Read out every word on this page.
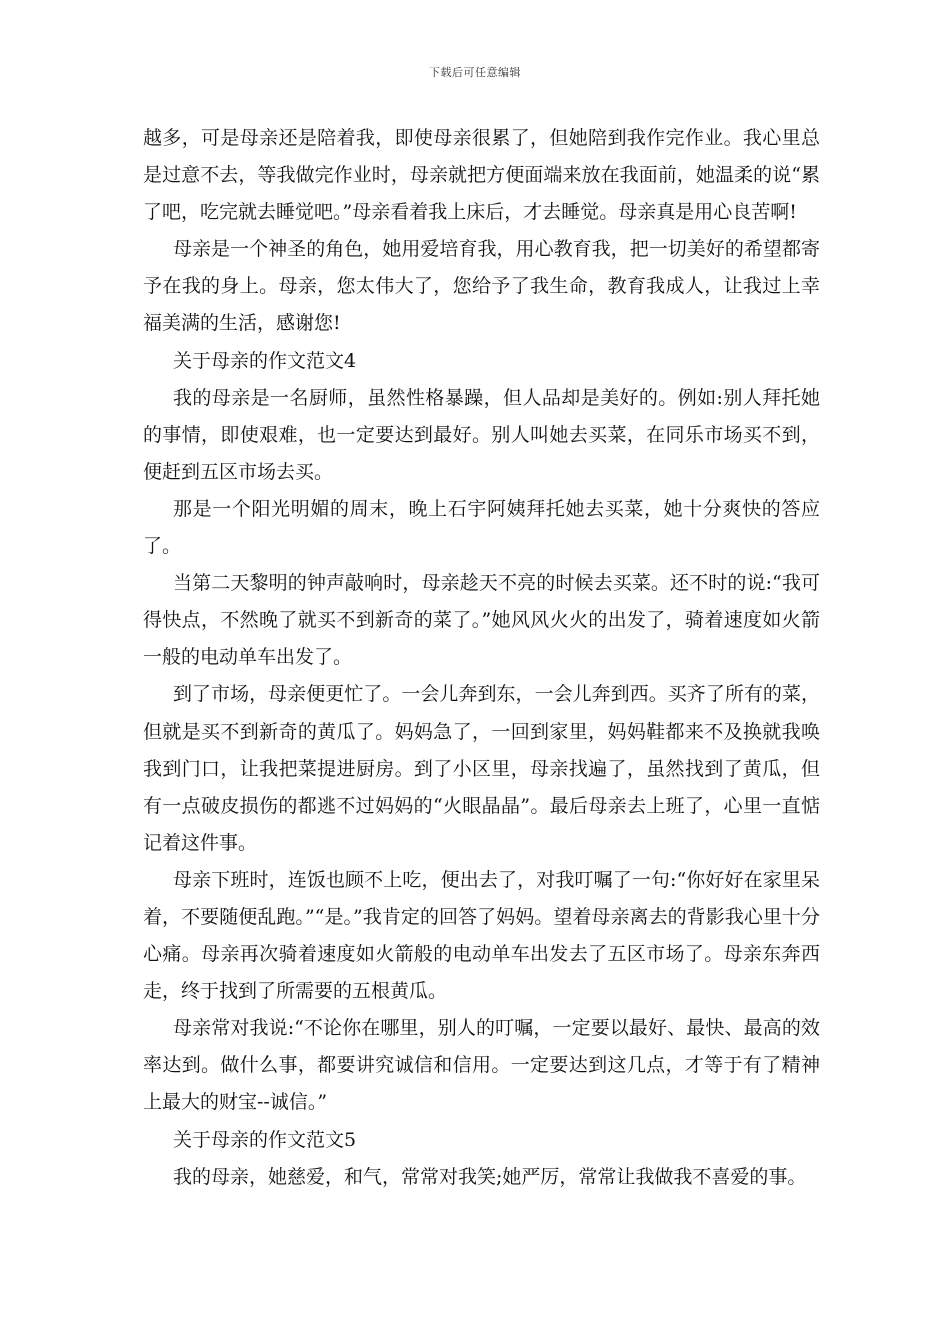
下载后可任意编辑

越多，可是母亲还是陪着我，即使母亲很累了，但她陪到我作完作业。我心里总是过意不去，等我做完作业时，母亲就把方便面端来放在我面前，她温柔的说“累了吧，吃完就去睡觉吧。”母亲看着我上床后，才去睡觉。母亲真是用心良苦啊!

母亲是一个神圣的角色，她用爱培育我，用心教育我，把一切美好的希望都寄予在我的身上。母亲，您太伟大了，您给予了我生命，教育我成人，让我过上幸福美满的生活，感谢您!

关于母亲的作文范文4

我的母亲是一名厨师，虽然性格暴躁，但人品却是美好的。例如:别人拜托她的事情，即使艰难，也一定要达到最好。别人叫她去买菜，在同乐市场买不到，便赶到五区市场去买。

那是一个阳光明媚的周末，晚上石宇阿姨拜托她去买菜，她十分爽快的答应了。

当第二天黎明的钟声敲响时，母亲趁天不亮的时候去买菜。还不时的说:“我可得快点，不然晚了就买不到新奇的菜了。”她风风火火的出发了，骑着速度如火箭一般的电动单车出发了。

到了市场，母亲便更忙了。一会儿奔到东，一会儿奔到西。买齐了所有的菜，但就是买不到新奇的黄瓜了。妈妈急了，一回到家里，妈妈鞋都来不及换就我唤我到门口，让我把菜提进厨房。到了小区里，母亲找遍了，虽然找到了黄瓜，但有一点破皮损伤的都逃不过妈妈的“火眼晶晶”。最后母亲去上班了，心里一直惦记着这件事。

母亲下班时，连饭也顾不上吃，便出去了，对我叮嘱了一句:“你好好在家里呆着，不要随便乱跑。”“是。”我肯定的回答了妈妈。望着母亲离去的背影我心里十分心痛。母亲再次骑着速度如火箭般的电动单车出发去了五区市场了。母亲东奔西走，终于找到了所需要的五根黄瓜。

母亲常对我说:“不论你在哪里，别人的叮嘱，一定要以最好、最快、最高的效率达到。做什么事，都要讲究诚信和信用。一定要达到这几点，才等于有了精神上最大的财宝--诚信。”

关于母亲的作文范文5

我的母亲，她慈爱，和气，常常对我笑;她严厉，常常让我做我不喜爱的事。
